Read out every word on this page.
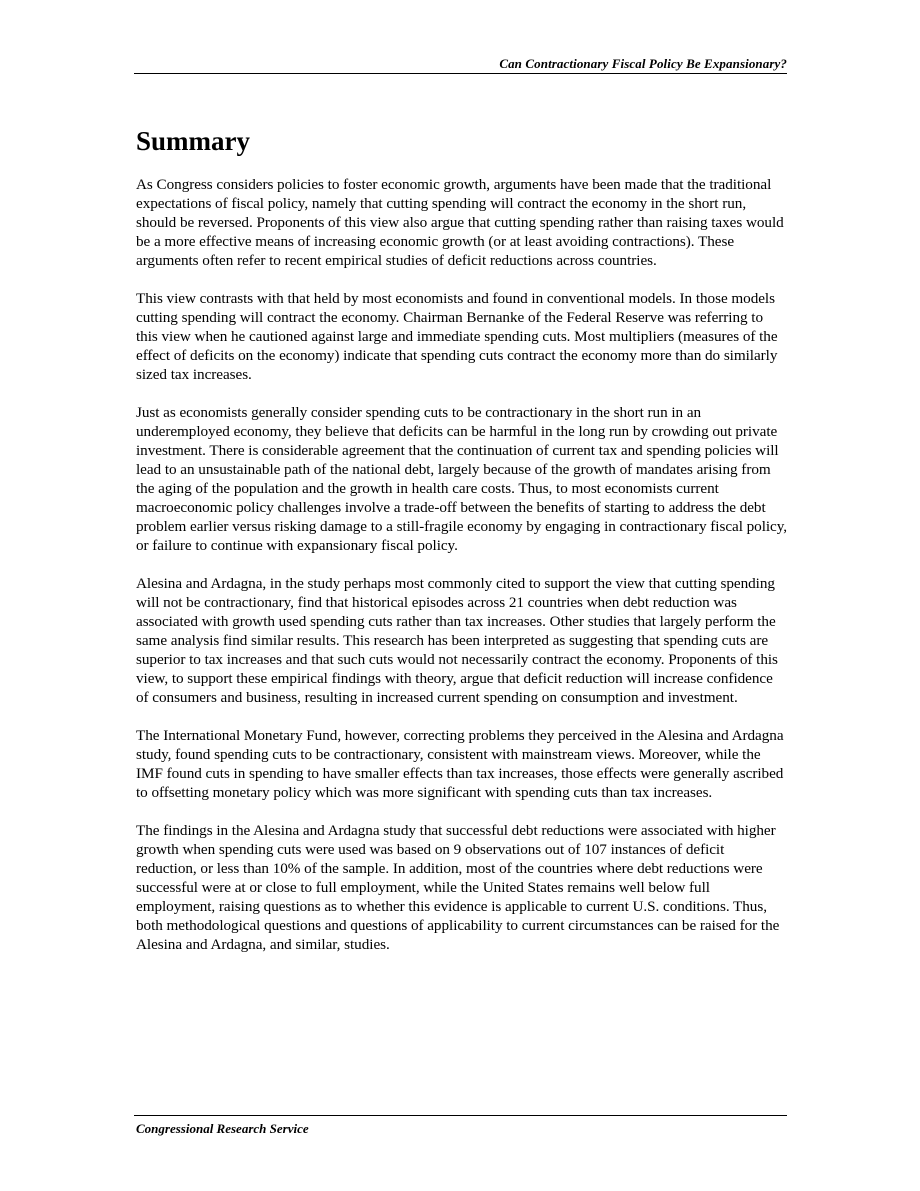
Can Contractionary Fiscal Policy Be Expansionary?
Summary

As Congress considers policies to foster economic growth, arguments have been made that the traditional expectations of fiscal policy, namely that cutting spending will contract the economy in the short run, should be reversed. Proponents of this view also argue that cutting spending rather than raising taxes would be a more effective means of increasing economic growth (or at least avoiding contractions). These arguments often refer to recent empirical studies of deficit reductions across countries.

This view contrasts with that held by most economists and found in conventional models. In those models cutting spending will contract the economy. Chairman Bernanke of the Federal Reserve was referring to this view when he cautioned against large and immediate spending cuts. Most multipliers (measures of the effect of deficits on the economy) indicate that spending cuts contract the economy more than do similarly sized tax increases.

Just as economists generally consider spending cuts to be contractionary in the short run in an underemployed economy, they believe that deficits can be harmful in the long run by crowding out private investment. There is considerable agreement that the continuation of current tax and spending policies will lead to an unsustainable path of the national debt, largely because of the growth of mandates arising from the aging of the population and the growth in health care costs. Thus, to most economists current macroeconomic policy challenges involve a trade-off between the benefits of starting to address the debt problem earlier versus risking damage to a still-fragile economy by engaging in contractionary fiscal policy, or failure to continue with expansionary fiscal policy.

Alesina and Ardagna, in the study perhaps most commonly cited to support the view that cutting spending will not be contractionary, find that historical episodes across 21 countries when debt reduction was associated with growth used spending cuts rather than tax increases. Other studies that largely perform the same analysis find similar results. This research has been interpreted as suggesting that spending cuts are superior to tax increases and that such cuts would not necessarily contract the economy. Proponents of this view, to support these empirical findings with theory, argue that deficit reduction will increase confidence of consumers and business, resulting in increased current spending on consumption and investment.

The International Monetary Fund, however, correcting problems they perceived in the Alesina and Ardagna study, found spending cuts to be contractionary, consistent with mainstream views. Moreover, while the IMF found cuts in spending to have smaller effects than tax increases, those effects were generally ascribed to offsetting monetary policy which was more significant with spending cuts than tax increases.

The findings in the Alesina and Ardagna study that successful debt reductions were associated with higher growth when spending cuts were used was based on 9 observations out of 107 instances of deficit reduction, or less than 10% of the sample. In addition, most of the countries where debt reductions were successful were at or close to full employment, while the United States remains well below full employment, raising questions as to whether this evidence is applicable to current U.S. conditions. Thus, both methodological questions and questions of applicability to current circumstances can be raised for the Alesina and Ardagna, and similar, studies.

Congressional Research Service
